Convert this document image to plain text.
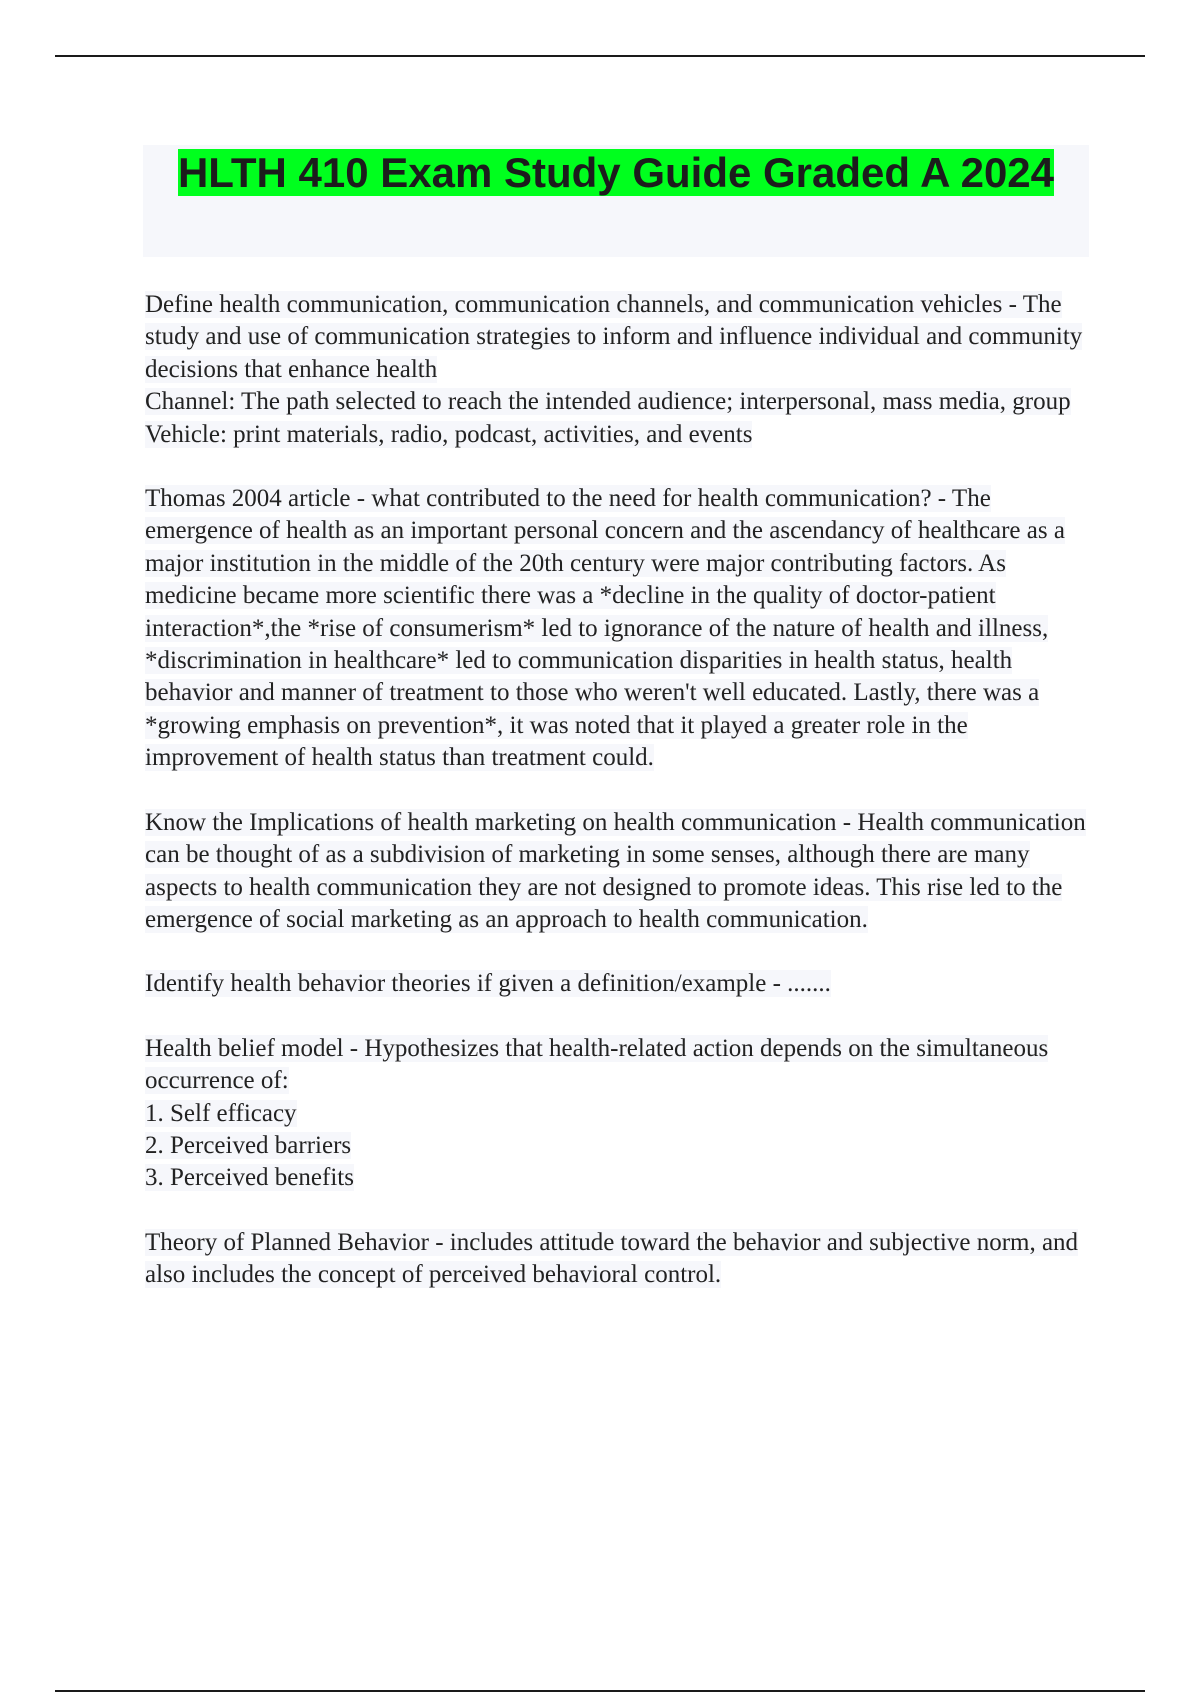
HLTH 410 Exam Study Guide Graded A 2024

Define health communication, communication channels, and communication vehicles - The study and use of communication strategies to inform and influence individual and community decisions that enhance health

Channel: The path selected to reach the intended audience; interpersonal, mass media, group

Vehicle: print materials, radio, podcast, activities, and events

Thomas 2004 article - what contributed to the need for health communication? - The emergence of health as an important personal concern and the ascendancy of healthcare as a major institution in the middle of the 20th century were major contributing factors. As medicine became more scientific there was a *decline in the quality of doctor-patient interaction*,the *rise of consumerism* led to ignorance of the nature of health and illness, *discrimination in healthcare* led to communication disparities in health status, health behavior and manner of treatment to those who weren't well educated. Lastly, there was a *growing emphasis on prevention*, it was noted that it played a greater role in the improvement of health status than treatment could.

Know the Implications of health marketing on health communication - Health communication can be thought of as a subdivision of marketing in some senses, although there are many aspects to health communication they are not designed to promote ideas. This rise led to the emergence of social marketing as an approach to health communication.

Identify health behavior theories if given a definition/example - .......

Health belief model - Hypothesizes that health-related action depends on the simultaneous occurrence of:

1. Self efficacy

2. Perceived barriers

3. Perceived benefits

Theory of Planned Behavior - includes attitude toward the behavior and subjective norm, and also includes the concept of perceived behavioral control.
